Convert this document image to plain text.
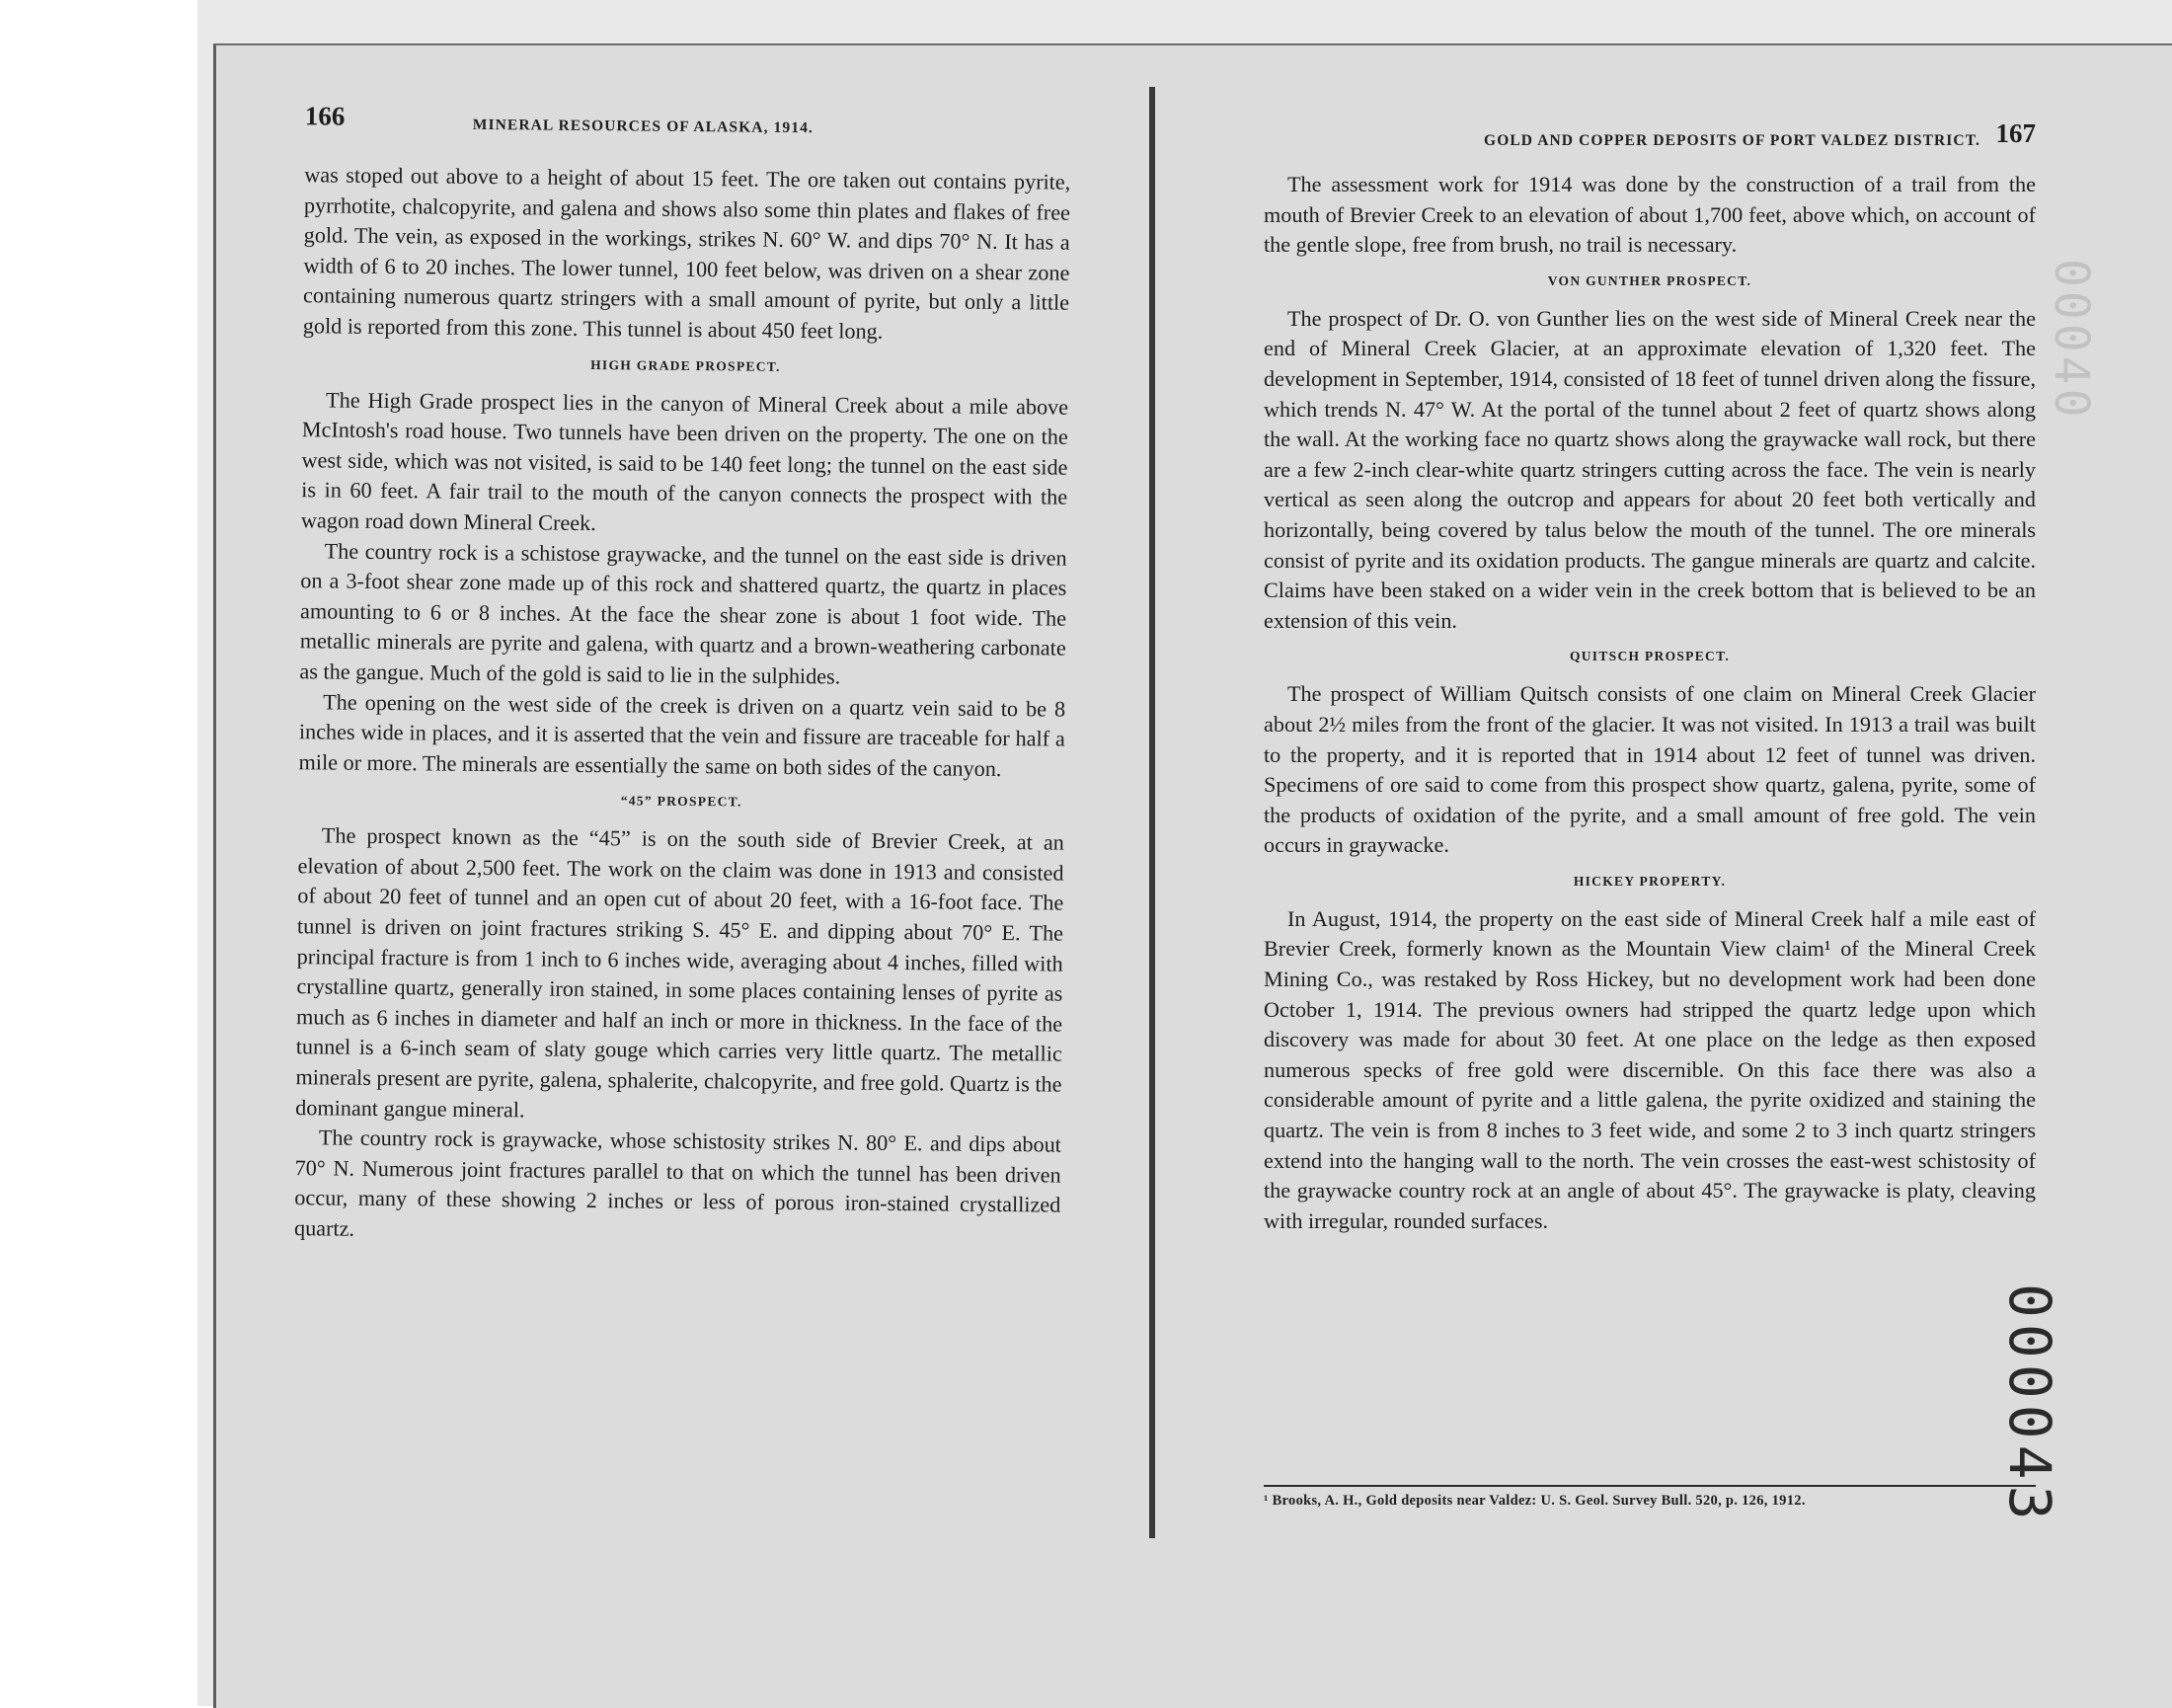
166	MINERAL RESOURCES OF ALASKA, 1914.

was stoped out above to a height of about 15 feet. The ore taken out contains pyrite, pyrrhotite, chalcopyrite, and galena and shows also some thin plates and flakes of free gold. The vein, as exposed in the workings, strikes N. 60° W. and dips 70° N. It has a width of 6 to 20 inches. The lower tunnel, 100 feet below, was driven on a shear zone containing numerous quartz stringers with a small amount of pyrite, but only a little gold is reported from this zone. This tunnel is about 450 feet long.

HIGH GRADE PROSPECT.

The High Grade prospect lies in the canyon of Mineral Creek about a mile above McIntosh's road house. Two tunnels have been driven on the property. The one on the west side, which was not visited, is said to be 140 feet long; the tunnel on the east side is in 60 feet. A fair trail to the mouth of the canyon connects the prospect with the wagon road down Mineral Creek.

The country rock is a schistose graywacke, and the tunnel on the east side is driven on a 3-foot shear zone made up of this rock and shattered quartz, the quartz in places amounting to 6 or 8 inches. At the face the shear zone is about 1 foot wide. The metallic minerals are pyrite and galena, with quartz and a brown-weathering carbonate as the gangue. Much of the gold is said to lie in the sulphides.

The opening on the west side of the creek is driven on a quartz vein said to be 8 inches wide in places, and it is asserted that the vein and fissure are traceable for half a mile or more. The minerals are essentially the same on both sides of the canyon.

“45” PROSPECT.

The prospect known as the “45” is on the south side of Brevier Creek, at an elevation of about 2,500 feet. The work on the claim was done in 1913 and consisted of about 20 feet of tunnel and an open cut of about 20 feet, with a 16-foot face. The tunnel is driven on joint fractures striking S. 45° E. and dipping about 70° E. The principal fracture is from 1 inch to 6 inches wide, averaging about 4 inches, filled with crystalline quartz, generally iron stained, in some places containing lenses of pyrite as much as 6 inches in diameter and half an inch or more in thickness. In the face of the tunnel is a 6-inch seam of slaty gouge which carries very little quartz. The metallic minerals present are pyrite, galena, sphalerite, chalcopyrite, and free gold. Quartz is the dominant gangue mineral.

The country rock is graywacke, whose schistosity strikes N. 80° E. and dips about 70° N. Numerous joint fractures parallel to that on which the tunnel has been driven occur, many of these showing 2 inches or less of porous iron-stained crystallized quartz.

GOLD AND COPPER DEPOSITS OF PORT VALDEZ DISTRICT. 167

The assessment work for 1914 was done by the construction of a trail from the mouth of Brevier Creek to an elevation of about 1,700 feet, above which, on account of the gentle slope, free from brush, no trail is necessary.

VON GUNTHER PROSPECT.

The prospect of Dr. O. von Gunther lies on the west side of Mineral Creek near the end of Mineral Creek Glacier, at an approximate elevation of 1,320 feet. The development in September, 1914, consisted of 18 feet of tunnel driven along the fissure, which trends N. 47° W. At the portal of the tunnel about 2 feet of quartz shows along the wall. At the working face no quartz shows along the graywacke wall rock, but there are a few 2-inch clear-white quartz stringers cutting across the face. The vein is nearly vertical as seen along the outcrop and appears for about 20 feet both vertically and horizontally, being covered by talus below the mouth of the tunnel. The ore minerals consist of pyrite and its oxidation products. The gangue minerals are quartz and calcite. Claims have been staked on a wider vein in the creek bottom that is believed to be an extension of this vein.

QUITSCH PROSPECT.

The prospect of William Quitsch consists of one claim on Mineral Creek Glacier about 2½ miles from the front of the glacier. It was not visited. In 1913 a trail was built to the property, and it is reported that in 1914 about 12 feet of tunnel was driven. Specimens of ore said to come from this prospect show quartz, galena, pyrite, some of the products of oxidation of the pyrite, and a small amount of free gold. The vein occurs in graywacke.

HICKEY PROPERTY.

In August, 1914, the property on the east side of Mineral Creek half a mile east of Brevier Creek, formerly known as the Mountain View claim¹ of the Mineral Creek Mining Co., was restaked by Ross Hickey, but no development work had been done October 1, 1914. The previous owners had stripped the quartz ledge upon which discovery was made for about 30 feet. At one place on the ledge as then exposed numerous specks of free gold were discernible. On this face there was also a considerable amount of pyrite and a little galena, the pyrite oxidized and staining the quartz. The vein is from 8 inches to 3 feet wide, and some 2 to 3 inch quartz stringers extend into the hanging wall to the north. The vein crosses the east-west schistosity of the graywacke country rock at an angle of about 45°. The graywacke is platy, cleaving with irregular, rounded surfaces.

¹ Brooks, A. H., Gold deposits near Valdez: U. S. Geol. Survey Bull. 520, p. 126, 1912.	000043
00040
